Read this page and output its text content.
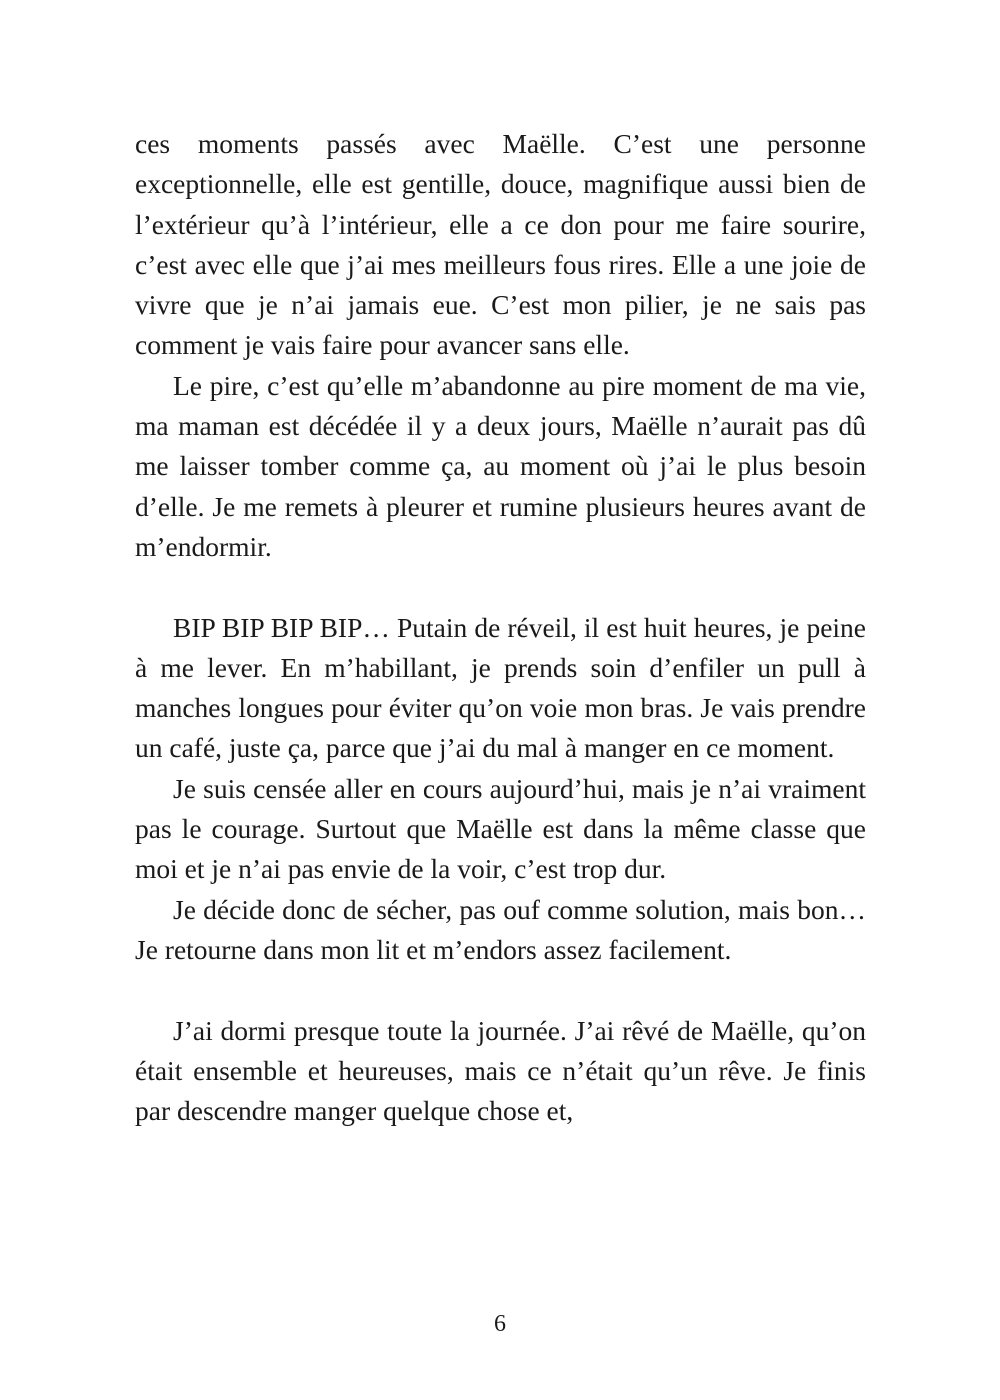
ces moments passés avec Maëlle. C’est une personne exceptionnelle, elle est gentille, douce, magnifique aussi bien de l’extérieur qu’à l’intérieur, elle a ce don pour me faire sourire, c’est avec elle que j’ai mes meilleurs fous rires. Elle a une joie de vivre que je n’ai jamais eue. C’est mon pilier, je ne sais pas comment je vais faire pour avancer sans elle.

Le pire, c’est qu’elle m’abandonne au pire moment de ma vie, ma maman est décédée il y a deux jours, Maëlle n’aurait pas dû me laisser tomber comme ça, au moment où j’ai le plus besoin d’elle. Je me remets à pleurer et rumine plusieurs heures avant de m’endormir.

BIP BIP BIP BIP… Putain de réveil, il est huit heures, je peine à me lever. En m’habillant, je prends soin d’enfiler un pull à manches longues pour éviter qu’on voie mon bras. Je vais prendre un café, juste ça, parce que j’ai du mal à manger en ce moment.

Je suis censée aller en cours aujourd’hui, mais je n’ai vraiment pas le courage. Surtout que Maëlle est dans la même classe que moi et je n’ai pas envie de la voir, c’est trop dur.

Je décide donc de sécher, pas ouf comme solution, mais bon… Je retourne dans mon lit et m’endors assez facilement.

J’ai dormi presque toute la journée. J’ai rêvé de Maëlle, qu’on était ensemble et heureuses, mais ce n’était qu’un rêve. Je finis par descendre manger quelque chose et,

6
